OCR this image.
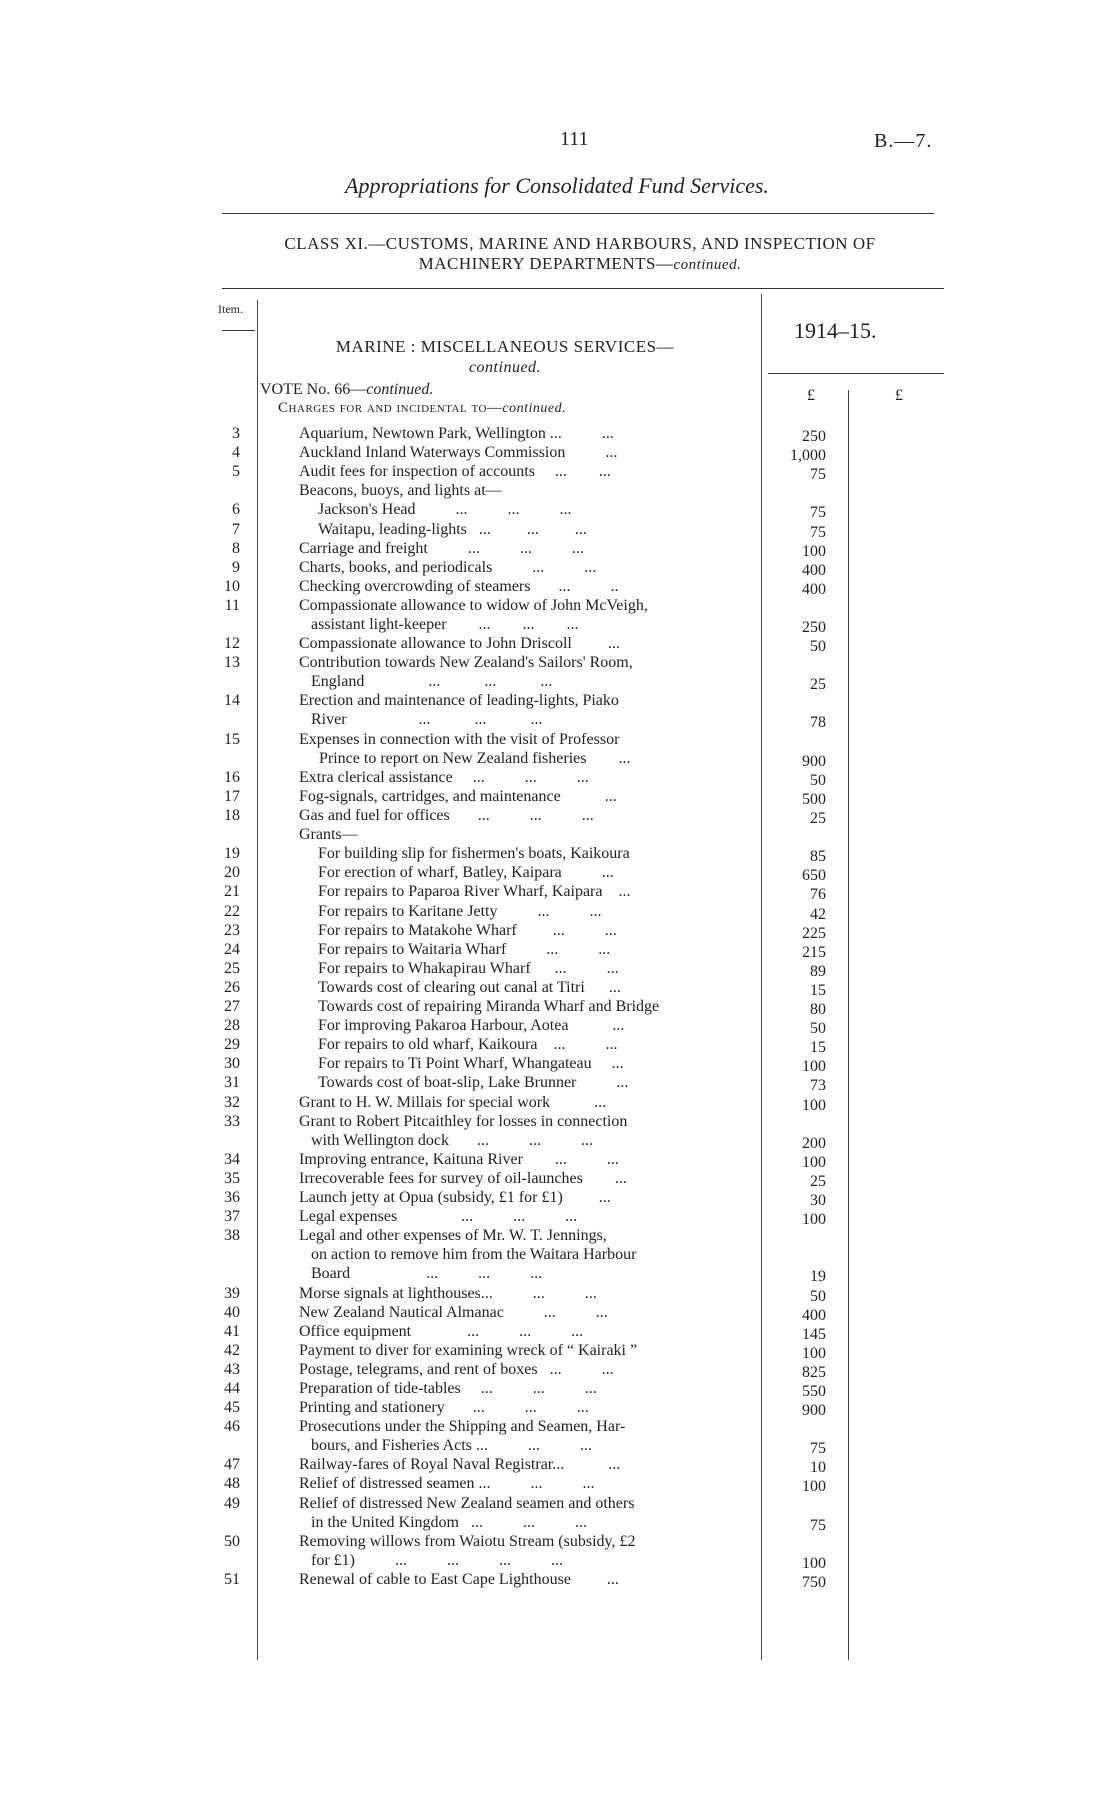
111	B.—7.
Appropriations for Consolidated Fund Services.
CLASS XI.—CUSTOMS, MARINE AND HARBOURS, AND INSPECTION OF
MACHINERY DEPARTMENTS—continued.
Item.
1914–15.
MARINE : MISCELLANEOUS SERVICES—
continued.
£	£
VOTE No. 66—continued.
Charges for and incidental to—continued.
3	Aquarium, Newtown Park, Wellington ...          ...	250
4	Auckland Inland Waterways Commission          ...	1,000
5	Audit fees for inspection of accounts     ...        ...	75
Beacons, buoys, and lights at—
6	Jackson's Head          ...          ...          ...	75
7	Waitapu, leading-lights   ...         ...         ...	75
8	Carriage and freight          ...          ...          ...	100
9	Charts, books, and periodicals          ...          ...	400
10	Checking overcrowding of steamers       ...          ..	400
11	Compassionate allowance to widow of John McVeigh,
assistant light-keeper        ...        ...        ...	250
12	Compassionate allowance to John Driscoll         ...	50
13	Contribution towards New Zealand's Sailors' Room,
England                ...           ...           ...	25
14	Erection and maintenance of leading-lights, Piako
River                  ...           ...           ...	78
15	Expenses in connection with the visit of Professor
Prince to report on New Zealand fisheries        ...	900
16	Extra clerical assistance     ...          ...          ...	50
17	Fog-signals, cartridges, and maintenance           ...	500
18	Gas and fuel for offices       ...          ...          ...	25
Grants—
19	For building slip for fishermen's boats, Kaikoura	85
20	For erection of wharf, Batley, Kaipara          ...	650
21	For repairs to Paparoa River Wharf, Kaipara    ...	76
22	For repairs to Karitane Jetty          ...          ...	42
23	For repairs to Matakohe Wharf         ...          ...	225
24	For repairs to Waitaria Wharf          ...          ...	215
25	For repairs to Whakapirau Wharf      ...          ...	89
26	Towards cost of clearing out canal at Titri      ...	15
27	Towards cost of repairing Miranda Wharf and Bridge	80
28	For improving Pakaroa Harbour, Aotea           ...	50
29	For repairs to old wharf, Kaikoura    ...          ...	15
30	For repairs to Ti Point Wharf, Whangateau     ...	100
31	Towards cost of boat-slip, Lake Brunner          ...	73
32	Grant to H. W. Millais for special work           ...	100
33	Grant to Robert Pitcaithley for losses in connection
with Wellington dock       ...          ...          ...	200
34	Improving entrance, Kaituna River        ...          ...	100
35	Irrecoverable fees for survey of oil-launches        ...	25
36	Launch jetty at Opua (subsidy, £1 for £1)         ...	30
37	Legal expenses                ...          ...          ...	100
38	Legal and other expenses of Mr. W. T. Jennings,
on action to remove him from the Waitara Harbour
Board                   ...          ...          ...	19
39	Morse signals at lighthouses...          ...          ...	50
40	New Zealand Nautical Almanac          ...          ...	400
41	Office equipment              ...          ...          ...	145
42	Payment to diver for examining wreck of “ Kairaki ”	100
43	Postage, telegrams, and rent of boxes   ...          ...	825
44	Preparation of tide-tables     ...          ...          ...	550
45	Printing and stationery       ...          ...          ...	900
46	Prosecutions under the Shipping and Seamen, Har-
bours, and Fisheries Acts ...          ...          ...	75
47	Railway-fares of Royal Naval Registrar...           ...	10
48	Relief of distressed seamen ...          ...          ...	100
49	Relief of distressed New Zealand seamen and others
in the United Kingdom   ...          ...          ...	75
50	Removing willows from Waiotu Stream (subsidy, £2
for £1)          ...          ...          ...          ...	100
51	Renewal of cable to East Cape Lighthouse         ...	750
